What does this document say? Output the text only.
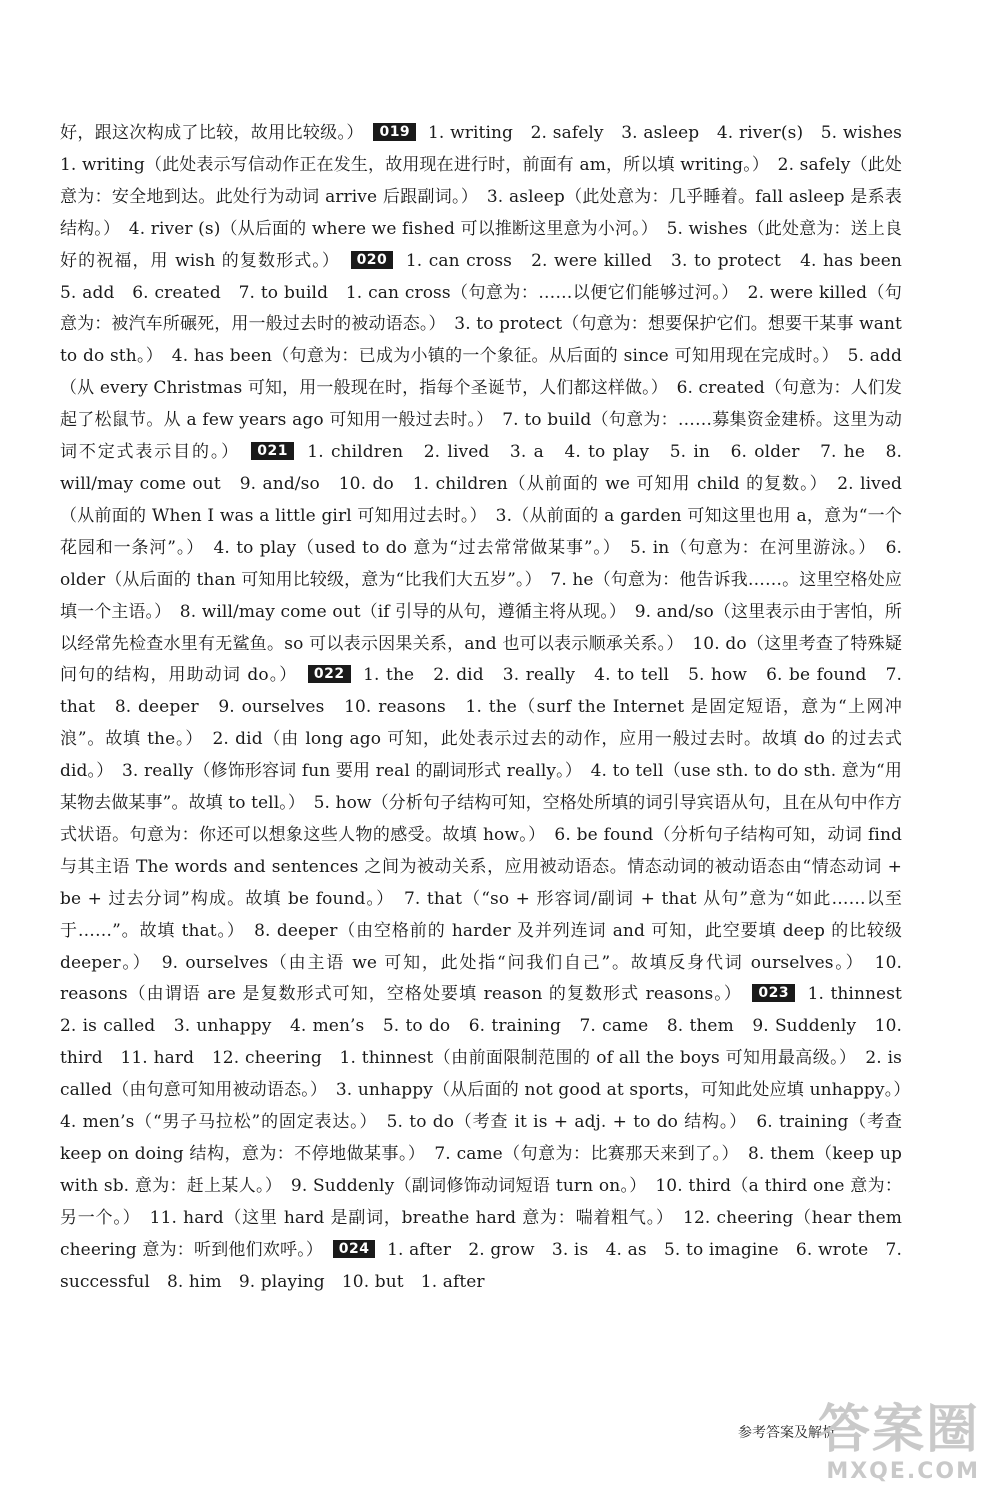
好，跟这次构成了比较，故用比较级。） 019 1. writing　2. safely　3. asleep　4. river(s)　5. wishes　1. writing（此处表示写信动作正在发生，故用现在进行时，前面有 am，所以填 writing。）　2. safely（此处意为：安全地到达。此处行为动词 arrive 后跟副词。）　3. asleep（此处意为：几乎睡着。fall asleep 是系表结构。）　4. river (s)（从后面的 where we fished 可以推断这里意为小河。）　5. wishes（此处意为：送上良好的祝福，用 wish 的复数形式。） 020 1. can cross　2. were killed　3. to protect　4. has been　5. add　6. created　7. to build　1. can cross（句意为：……以便它们能够过河。）　2. were killed（句意为：被汽车所碾死，用一般过去时的被动语态。）　3. to protect（句意为：想要保护它们。想要干某事 want to do sth。）　4. has been（句意为：已成为小镇的一个象征。从后面的 since 可知用现在完成时。）　5. add（从 every Christmas 可知，用一般现在时，指每个圣诞节，人们都这样做。）　6. created（句意为：人们发起了松鼠节。从 a few years ago 可知用一般过去时。）　7. to build（句意为：……募集资金建桥。这里为动词不定式表示目的。） 021 1. children　2. lived　3. a　4. to play　5. in　6. older　7. he　8. will/may come out　9. and/so　10. do　1. children（从前面的 we 可知用 child 的复数。）　2. lived（从前面的 When I was a little girl 可知用过去时。）　3.（从前面的 a garden 可知这里也用 a，意为“一个花园和一条河”。）　4. to play（used to do 意为“过去常常做某事”。）　5. in（句意为：在河里游泳。）　6. older（从后面的 than 可知用比较级，意为“比我们大五岁”。）　7. he（句意为：他告诉我……。这里空格处应填一个主语。）　8. will/may come out（if 引导的从句，遵循主将从现。）　9. and/so（这里表示由于害怕，所以经常先检查水里有无鲨鱼。so 可以表示因果关系，and 也可以表示顺承关系。）　10. do（这里考查了特殊疑问句的结构，用助动词 do。） 022 1. the　2. did　3. really　4. to tell　5. how　6. be found　7. that　8. deeper　9. ourselves　10. reasons　1. the（surf the Internet 是固定短语，意为“上网冲浪”。故填 the。）　2. did（由 long ago 可知，此处表示过去的动作，应用一般过去时。故填 do 的过去式 did。）　3. really（修饰形容词 fun 要用 real 的副词形式 really。）　4. to tell（use sth. to do sth. 意为“用某物去做某事”。故填 to tell。）　5. how（分析句子结构可知，空格处所填的词引导宾语从句，且在从句中作方式状语。句意为：你还可以想象这些人物的感受。故填 how。）　6. be found（分析句子结构可知，动词 find 与其主语 The words and sentences 之间为被动关系，应用被动语态。情态动词的被动语态由“情态动词 + be + 过去分词”构成。故填 be found。）　7. that（“so + 形容词/副词 + that 从句”意为“如此……以至于……”。故填 that。）　8. deeper（由空格前的 harder 及并列连词 and 可知，此空要填 deep 的比较级 deeper。）　9. ourselves（由主语 we 可知，此处指“问我们自己”。故填反身代词 ourselves。）　10. reasons（由谓语 are 是复数形式可知，空格处要填 reason 的复数形式 reasons。） 023 1. thinnest　2. is called　3. unhappy　4. men’s　5. to do　6. training　7. came　8. them　9. Suddenly　10. third　11. hard　12. cheering　1. thinnest（由前面限制范围的 of all the boys 可知用最高级。）　2. is called（由句意可知用被动语态。）　3. unhappy（从后面的 not good at sports，可知此处应填 unhappy。）　4. men’s（“男子马拉松”的固定表达。）　5. to do（考查 it is + adj. + to do 结构。）　6. training（考查 keep on doing 结构，意为：不停地做某事。）　7. came（句意为：比赛那天来到了。）　8. them（keep up with sb. 意为：赶上某人。）　9. Suddenly（副词修饰动词短语 turn on。）　10. third（a third one 意为：另一个。）　11. hard（这里 hard 是副词，breathe hard 意为：喘着粗气。）　12. cheering（hear them cheering 意为：听到他们欢呼。） 024 1. after　2. grow　3. is　4. as　5. to imagine　6. wrote　7. successful　8. him　9. playing　10. but　1. after

参考答案及解析
答案圈
MXQE.COM
